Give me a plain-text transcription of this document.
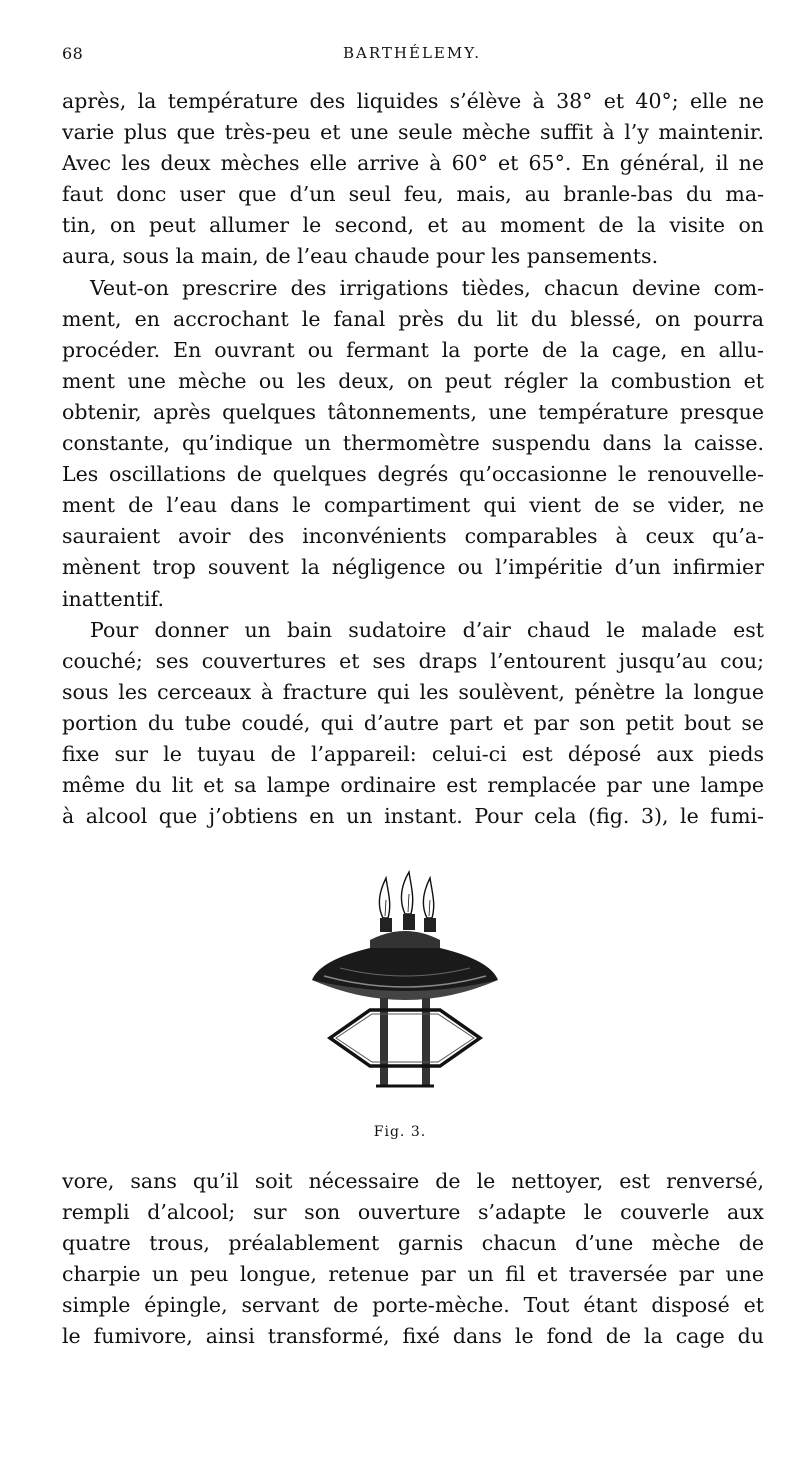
68	BARTHÉLEMY.
après, la température des liquides s’élève à 38° et 40°; elle ne
varie plus que très-peu et une seule mèche suffit à l’y maintenir.
Avec les deux mèches elle arrive à 60° et 65°. En général, il ne
faut donc user que d’un seul feu, mais, au branle-bas du ma-
tin, on peut allumer le second, et au moment de la visite on
aura, sous la main, de l’eau chaude pour les pansements.
Veut-on prescrire des irrigations tièdes, chacun devine com-
ment, en accrochant le fanal près du lit du blessé, on pourra
procéder. En ouvrant ou fermant la porte de la cage, en allu-
ment une mèche ou les deux, on peut régler la combustion et
obtenir, après quelques tâtonnements, une température presque
constante, qu’indique un thermomètre suspendu dans la caisse.
Les oscillations de quelques degrés qu’occasionne le renouvelle-
ment de l’eau dans le compartiment qui vient de se vider, ne
sauraient avoir des inconvénients comparables à ceux qu’a-
mènent trop souvent la négligence ou l’impéritie d’un infirmier
inattentif.
Pour donner un bain sudatoire d’air chaud le malade est
couché; ses couvertures et ses draps l’entourent jusqu’au cou;
sous les cerceaux à fracture qui les soulèvent, pénètre la longue
portion du tube coudé, qui d’autre part et par son petit bout se
fixe sur le tuyau de l’appareil: celui-ci est déposé aux pieds
même du lit et sa lampe ordinaire est remplacée par une lampe
à alcool que j’obtiens en un instant. Pour cela (fig. 3), le fumi-
Fig. 3.
vore, sans qu’il soit nécessaire de le nettoyer, est renversé,
rempli d’alcool; sur son ouverture s’adapte le couverle aux
quatre trous, préalablement garnis chacun d’une mèche de
charpie un peu longue, retenue par un fil et traversée par une
simple épingle, servant de porte-mèche. Tout étant disposé et
le fumivore, ainsi transformé, fixé dans le fond de la cage du
